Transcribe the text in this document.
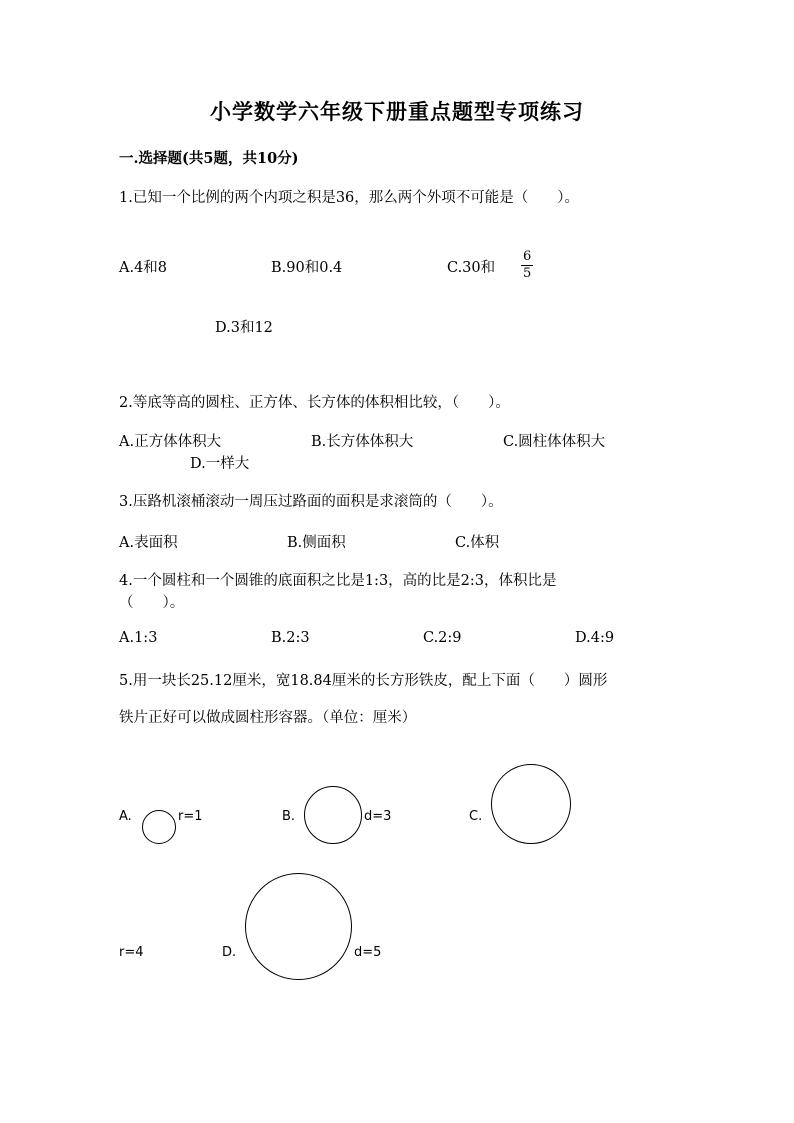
小学数学六年级下册重点题型专项练习
一.选择题(共5题，共10分)
1.已知一个比例的两个内项之积是36，那么两个外项不可能是（　　）。
A.4和8	B.90和0.4	C.30和
6
5
D.3和12
2.等底等高的圆柱、正方体、长方体的体积相比较，（　　）。
A.正方体体积大	B.长方体体积大	C.圆柱体体积大
D.一样大
3.压路机滚桶滚动一周压过路面的面积是求滚筒的（　　）。
A.表面积	B.侧面积	C.体积
4.一个圆柱和一个圆锥的底面积之比是1:3，高的比是2:3，体积比是
（　　）。
A.1:3	B.2:3	C.2:9	D.4:9
5.用一块长25.12厘米，宽18.84厘米的长方形铁皮，配上下面（　　）圆形
铁片正好可以做成圆柱形容器。（单位：厘米）
A.	r=1	B.	d=3	C.
r=4	D.	d=5
